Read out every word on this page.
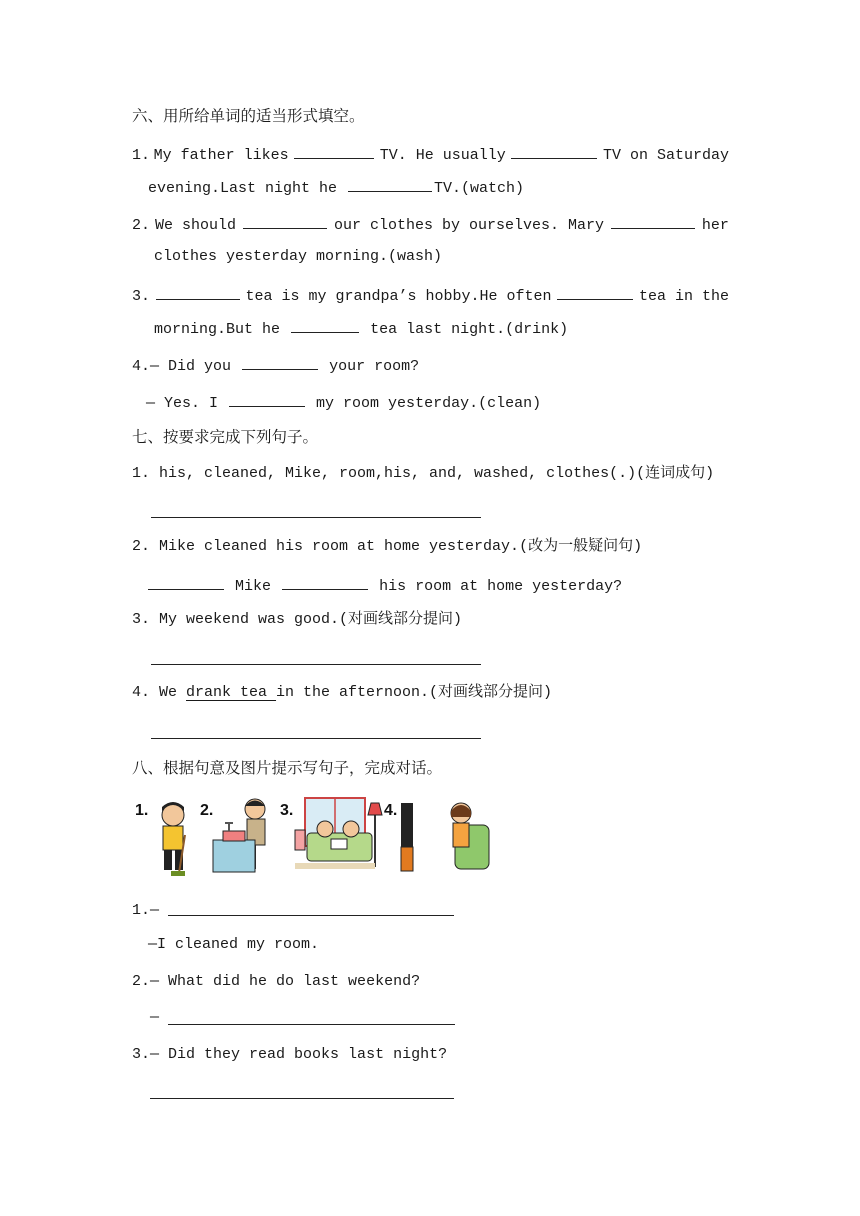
六、用所给单词的适当形式填空。
1. My father likes	TV. He usually	TV on Saturday
evening.Last night he	TV.(watch)
2. We should	our clothes by ourselves. Mary	her
clothes yesterday morning.(wash)
3.	tea is my grandpa’s hobby.He often	tea in the
morning.But he	tea last night.(drink)
4.— Did you	your room?
— Yes. I	my room yesterday.(clean)
七、按要求完成下列句子。
1. his, cleaned, Mike, room,his, and, washed, clothes(.)(连词成句)
2. Mike cleaned his room at home yesterday.(改为一般疑问句)
Mike	his room at home yesterday?
3. My weekend was good.(对画线部分提问)
4. We drank tea in the afternoon.(对画线部分提问)
八、根据句意及图片提示写句子，完成对话。
1.	2.	3.	4.
1.—
—I cleaned my room.
2.— What did he do last weekend?
—
3.— Did they read books last night?
